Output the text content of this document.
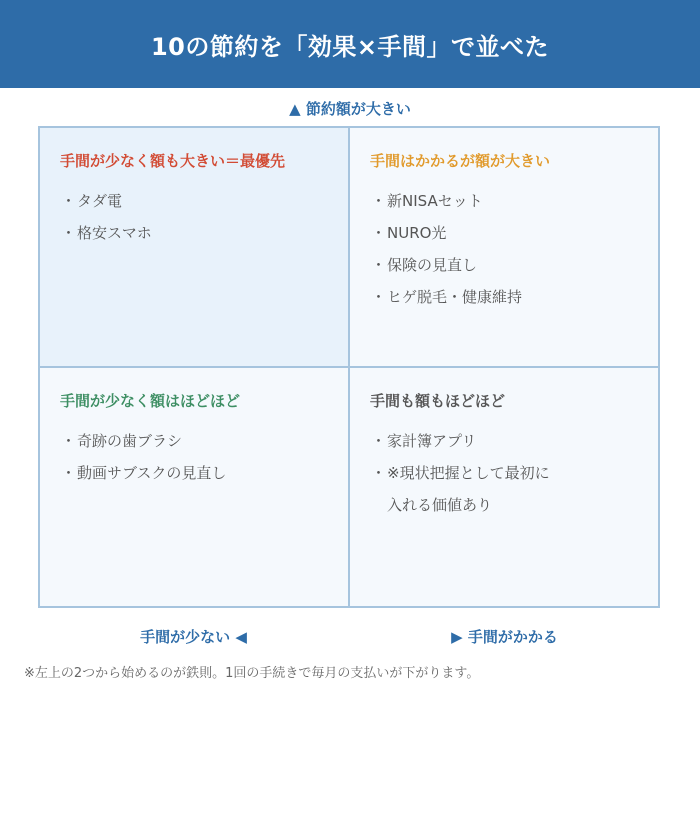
10の節約を「効果×手間」で並べた
▲ 節約額が大きい
手間が少なく額も大きい＝最優先
・タダ電
・格安スマホ
手間はかかるが額が大きい
・新NISAセット
・NURO光
・保険の見直し
・ヒゲ脱毛・健康維持
手間が少なく額はほどほど
・奇跡の歯ブラシ
・動画サブスクの見直し
手間も額もほどほど
・家計簿アプリ
・※現状把握として最初に
入れる価値あり
手間が少ない ◀	▶ 手間がかかる

※左上の2つから始めるのが鉄則。1回の手続きで毎月の支払いが下がります。
